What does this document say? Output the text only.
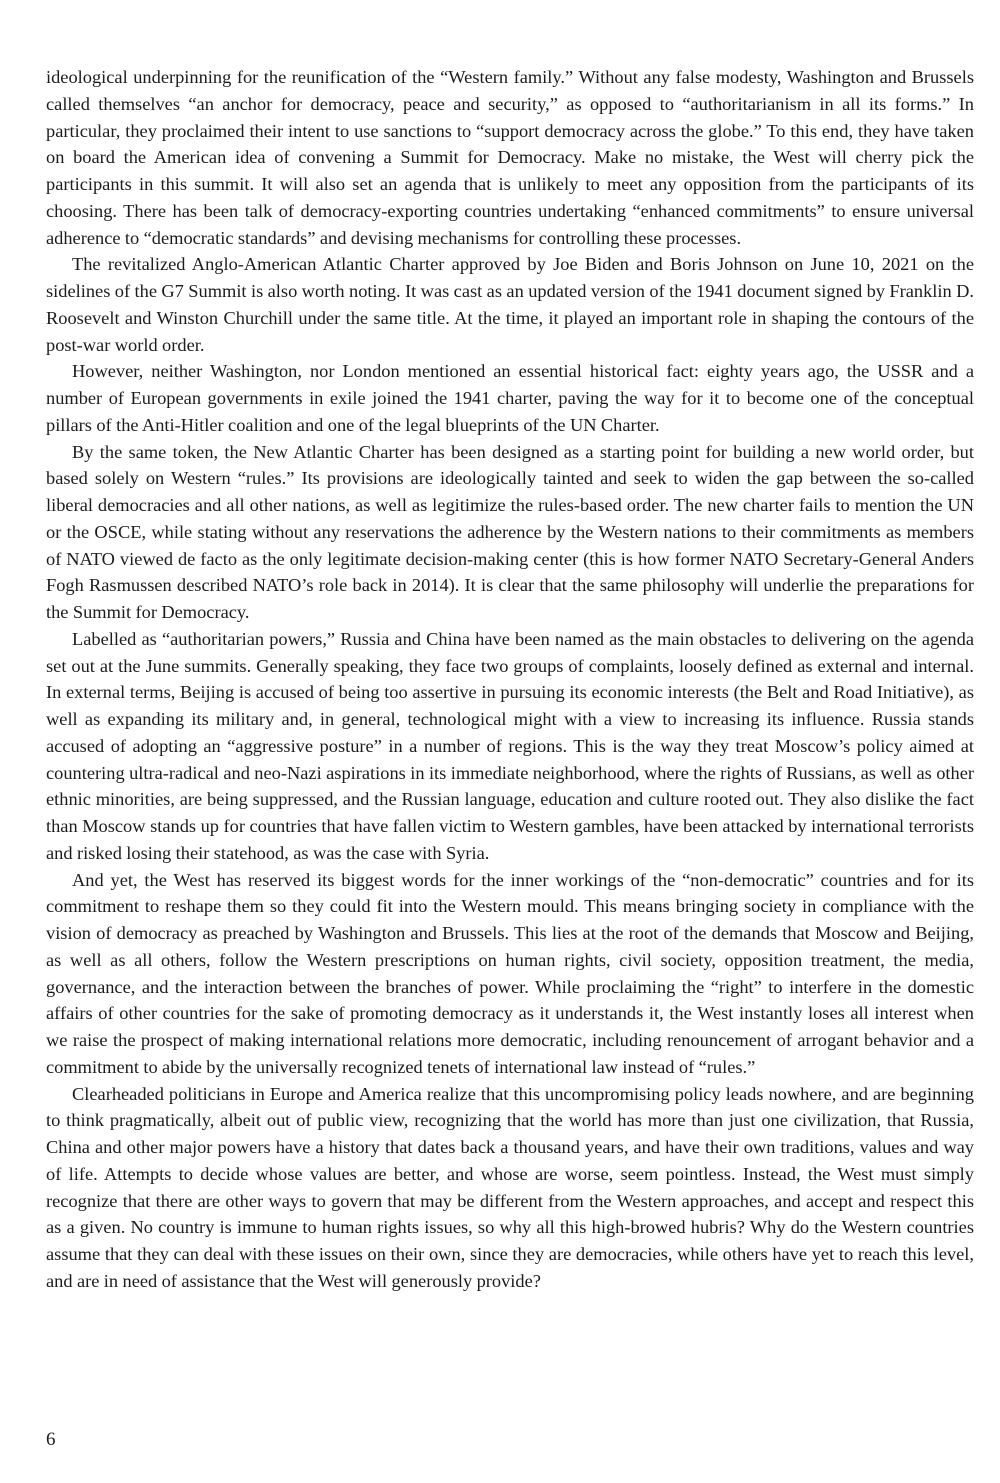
ideological underpinning for the reunification of the “Western family.” Without any false modesty, Washington and Brussels called themselves “an anchor for democracy, peace and security,” as opposed to “authoritarianism in all its forms.” In particular, they proclaimed their intent to use sanctions to “support democracy across the globe.” To this end, they have taken on board the American idea of convening a Summit for Democracy. Make no mistake, the West will cherry pick the participants in this summit. It will also set an agenda that is unlikely to meet any opposition from the participants of its choosing. There has been talk of democracy-exporting countries undertaking “enhanced commitments” to ensure universal adherence to “democratic standards” and devising mechanisms for controlling these processes.

The revitalized Anglo-American Atlantic Charter approved by Joe Biden and Boris Johnson on June 10, 2021 on the sidelines of the G7 Summit is also worth noting. It was cast as an updated version of the 1941 document signed by Franklin D. Roosevelt and Winston Churchill under the same title. At the time, it played an important role in shaping the contours of the post-war world order.

However, neither Washington, nor London mentioned an essential historical fact: eighty years ago, the USSR and a number of European governments in exile joined the 1941 charter, paving the way for it to become one of the conceptual pillars of the Anti-Hitler coalition and one of the legal blueprints of the UN Charter.

By the same token, the New Atlantic Charter has been designed as a starting point for building a new world order, but based solely on Western “rules.” Its provisions are ideologically tainted and seek to widen the gap between the so-called liberal democracies and all other nations, as well as legitimize the rules-based order. The new charter fails to mention the UN or the OSCE, while stating without any reservations the adherence by the Western nations to their commitments as members of NATO viewed de facto as the only legitimate decision-making center (this is how former NATO Secretary-General Anders Fogh Rasmussen described NATO’s role back in 2014). It is clear that the same philosophy will underlie the preparations for the Summit for Democracy.

Labelled as “authoritarian powers,” Russia and China have been named as the main obstacles to delivering on the agenda set out at the June summits. Generally speaking, they face two groups of complaints, loosely defined as external and internal. In external terms, Beijing is accused of being too assertive in pursuing its economic interests (the Belt and Road Initiative), as well as expanding its military and, in general, technological might with a view to increasing its influence. Russia stands accused of adopting an “aggressive posture” in a number of regions. This is the way they treat Moscow’s policy aimed at countering ultra-radical and neo-Nazi aspirations in its immediate neighborhood, where the rights of Russians, as well as other ethnic minorities, are being suppressed, and the Russian language, education and culture rooted out. They also dislike the fact than Moscow stands up for countries that have fallen victim to Western gambles, have been attacked by international terrorists and risked losing their statehood, as was the case with Syria.

And yet, the West has reserved its biggest words for the inner workings of the “non-democratic” countries and for its commitment to reshape them so they could fit into the Western mould. This means bringing society in compliance with the vision of democracy as preached by Washington and Brussels. This lies at the root of the demands that Moscow and Beijing, as well as all others, follow the Western prescriptions on human rights, civil society, opposition treatment, the media, governance, and the interaction between the branches of power. While proclaiming the “right” to interfere in the domestic affairs of other countries for the sake of promoting democracy as it understands it, the West instantly loses all interest when we raise the prospect of making international relations more democratic, including renouncement of arrogant behavior and a commitment to abide by the universally recognized tenets of international law instead of “rules.”

Clearheaded politicians in Europe and America realize that this uncompromising policy leads nowhere, and are beginning to think pragmatically, albeit out of public view, recognizing that the world has more than just one civilization, that Russia, China and other major powers have a history that dates back a thousand years, and have their own traditions, values and way of life. Attempts to decide whose values are better, and whose are worse, seem pointless. Instead, the West must simply recognize that there are other ways to govern that may be different from the Western approaches, and accept and respect this as a given. No country is immune to human rights issues, so why all this high-browed hubris? Why do the Western countries assume that they can deal with these issues on their own, since they are democracies, while others have yet to reach this level, and are in need of assistance that the West will generously provide?

6
